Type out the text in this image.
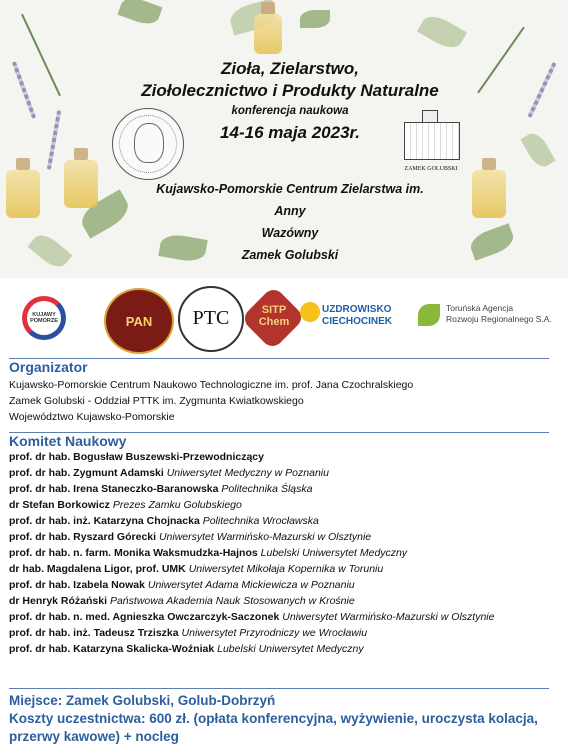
ZAMEK GOLUBSKI
Zioła, Zielarstwo,
Ziołolecznictwo i Produkty Naturalne
konferencja naukowa
14-16 maja 2023r.
Kujawsko-Pomorskie Centrum Zielarstwa im. Anny
Wazówny
Zamek Golubski
KUJAWY POMORZE	PAN	PTC	SITP Chem
UZDROWISKO
CIECHOCINEK
Toruńska Agencja
Rozwoju Regionalnego S.A.
Organizator
Kujawsko-Pomorskie Centrum Naukowo Technologiczne im. prof. Jana Czochralskiego
Zamek Golubski - Oddział PTTK im. Zygmunta Kwiatkowskiego
Województwo Kujawsko-Pomorskie
Komitet Naukowy
prof. dr hab. Bogusław Buszewski-Przewodniczący
prof. dr hab. Zygmunt Adamski Uniwersytet Medyczny w Poznaniu
prof. dr hab. Irena Staneczko-Baranowska Politechnika Śląska
dr Stefan Borkowicz Prezes Zamku Golubskiego
prof. dr hab. inż. Katarzyna Chojnacka Politechnika Wrocławska
prof. dr hab. Ryszard Górecki Uniwersytet Warmińsko-Mazurski w Olsztynie
prof. dr hab. n. farm. Monika Waksmudzka-Hajnos Lubelski Uniwersytet Medyczny
dr hab. Magdalena Ligor, prof. UMK Uniwersytet Mikołaja Kopernika w Toruniu
prof. dr hab. Izabela Nowak Uniwersytet Adama Mickiewicza w Poznaniu
dr Henryk Różański Państwowa Akademia Nauk Stosowanych w Krośnie
prof. dr hab. n. med. Agnieszka Owczarczyk-Saczonek Uniwersytet Warmińsko-Mazurski w Olsztynie
prof. dr hab. inż. Tadeusz Trziszka Uniwersytet Przyrodniczy we Wrocławiu
prof. dr hab. Katarzyna Skalicka-Woźniak Lubelski Uniwersytet Medyczny
Miejsce: Zamek Golubski, Golub-Dobrzyń
Koszty uczestnictwa: 600 zł. (opłata konferencyjna, wyżywienie, uroczysta kolacja, przerwy kawowe) + nocleg
